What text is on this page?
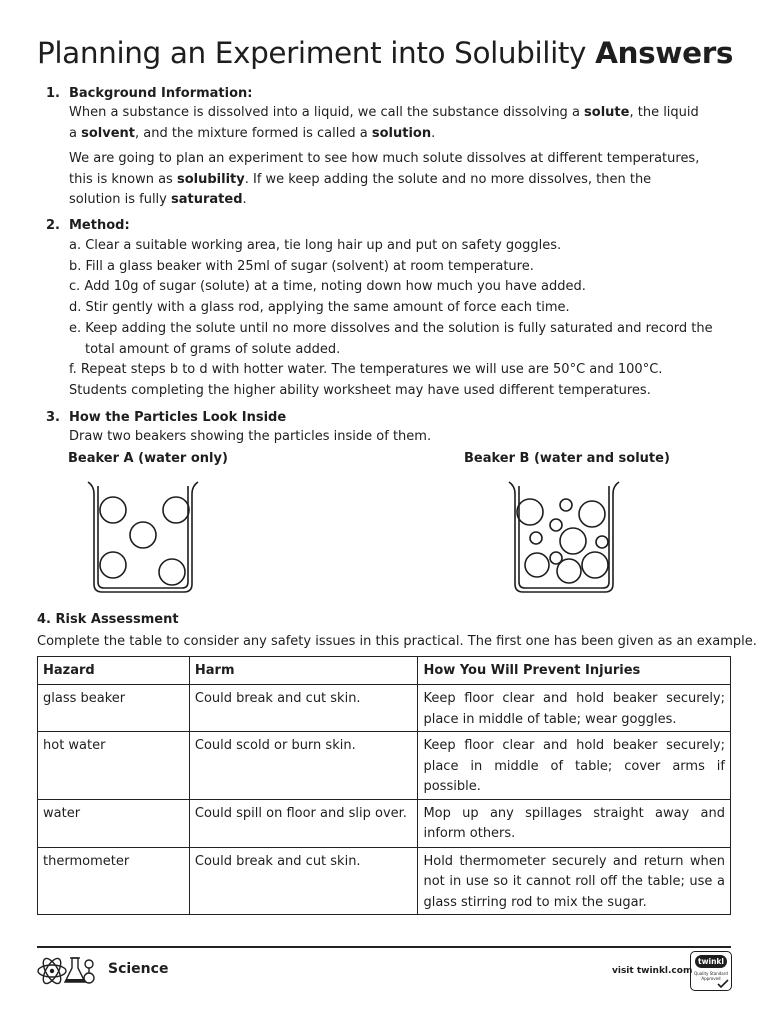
Planning an Experiment into Solubility Answers
1. Background Information:
When a substance is dissolved into a liquid, we call the substance dissolving a solute, the liquid a solvent, and the mixture formed is called a solution.
We are going to plan an experiment to see how much solute dissolves at different temperatures, this is known as solubility. If we keep adding the solute and no more dissolves, then the solution is fully saturated.
2. Method:
a. Clear a suitable working area, tie long hair up and put on safety goggles.
b. Fill a glass beaker with 25ml of sugar (solvent) at room temperature.
c. Add 10g of sugar (solute) at a time, noting down how much you have added.
d. Stir gently with a glass rod, applying the same amount of force each time.
e. Keep adding the solute until no more dissolves and the solution is fully saturated and record the
total amount of grams of solute added.
f. Repeat steps b to d with hotter water. The temperatures we will use are 50°C and 100°C.
Students completing the higher ability worksheet may have used different temperatures.
3. How the Particles Look Inside
Draw two beakers showing the particles inside of them.
Beaker A (water only)	Beaker B (water and solute)
4. Risk Assessment
Complete the table to consider any safety issues in this practical. The first one has been given as an example.
Hazard	Harm	How You Will Prevent Injuries
glass beaker	Could break and cut skin.	Keep floor clear and hold beaker securely; place in middle of table; wear goggles.
hot water	Could scold or burn skin.	Keep floor clear and hold beaker securely; place in middle of table; cover arms if possible.
water	Could spill on floor and slip over.	Mop up any spillages straight away and inform others.
thermometer	Could break and cut skin.	Hold thermometer securely and return when not in use so it cannot roll off the table; use a glass stirring rod to mix the sugar.
Science	visit twinkl.com
twinkl
Quality Standard Approved
